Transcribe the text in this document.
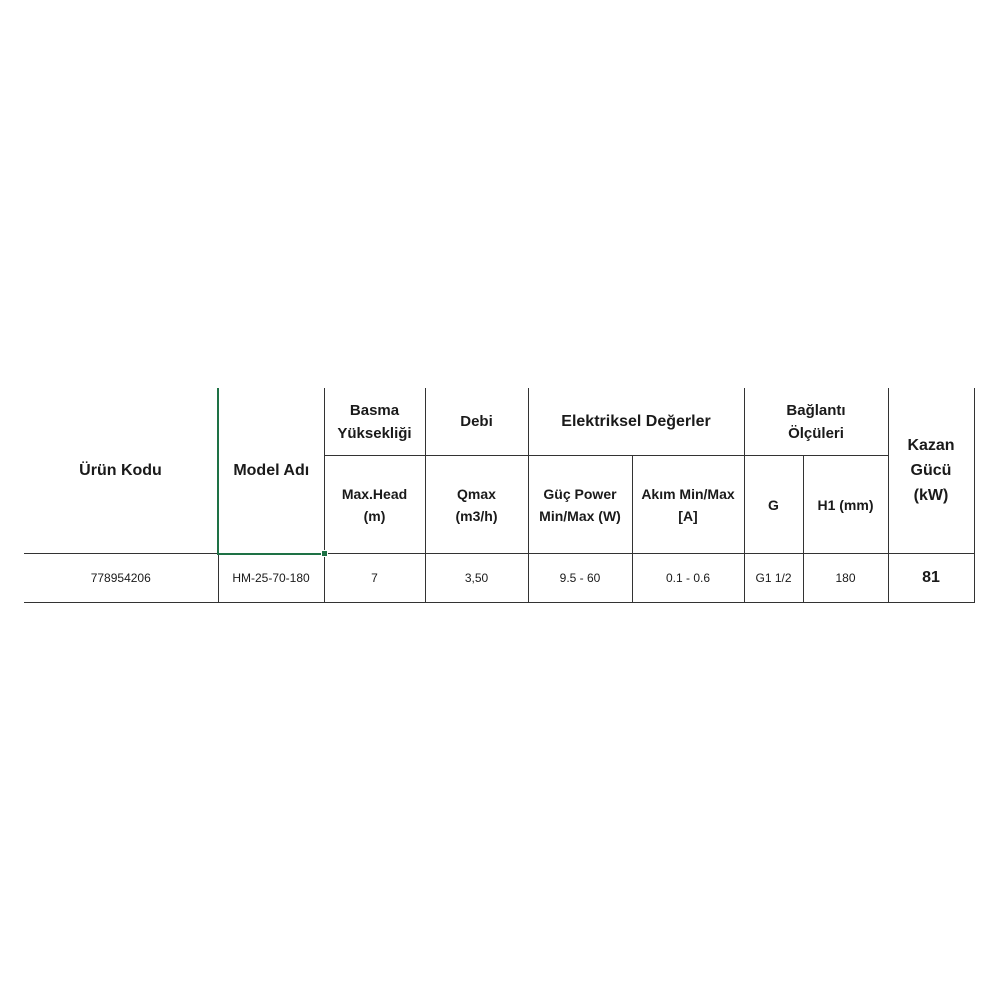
Ürün Kodu	Model Adı	Basma Yüksekliği	Debi	Elektriksel Değerler		Bağlantı Ölçüleri		Kazan Gücü (kW)
		Max.Head (m)	Qmax (m3/h)	Güç Power Min/Max (W)	Akım Min/Max [A]	G	H1 (mm)	
778954206	HM-25-70-180	7	3,50	9.5 - 60	0.1 - 0.6	G1 1/2	180	81
